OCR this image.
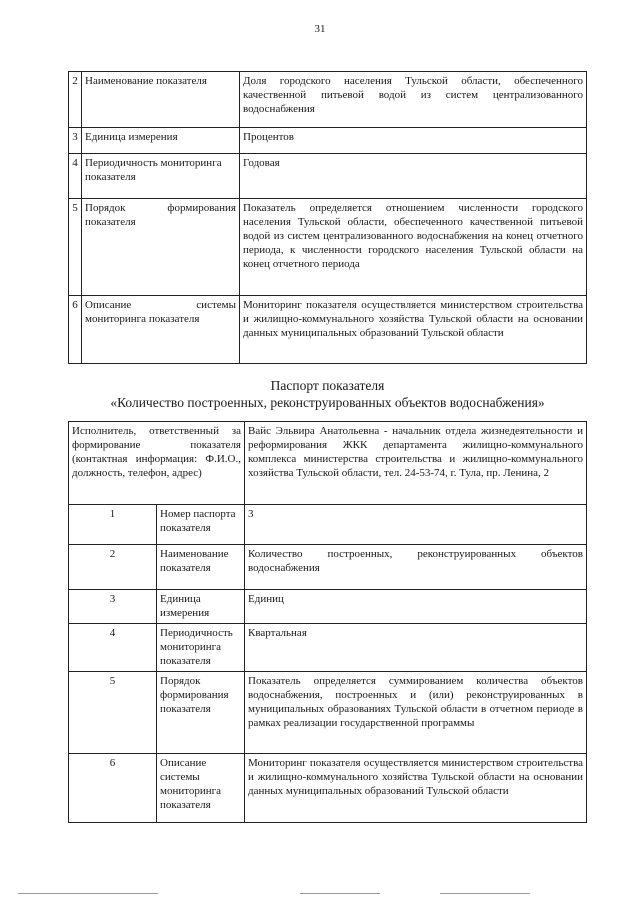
31
2	Наименование показателя	Доля городского населения Тульской области, обеспеченного качественной питьевой водой из систем централизованного водоснабжения
3	Единица измерения	Процентов
4	Периодичность мониторинга показателя	Годовая
5	Порядок формирования показателя	Показатель определяется отношением численности городского населения Тульской области, обеспеченного качественной питьевой водой из систем централизованного водоснабжения на конец отчетного периода, к численности городского населения Тульской области на конец отчетного периода
6	Описание системы мониторинга показателя	Мониторинг показателя осуществляется министерством строительства и жилищно-коммунального хозяйства Тульской области на основании данных муниципальных образований Тульской области
Паспорт показателя
«Количество построенных, реконструированных объектов водоснабжения»
Исполнитель, ответственный за формирование показателя (контактная информация: Ф.И.О., должность, телефон, адрес)		Вайс Эльвира Анатольевна - начальник отдела жизнедеятельности и реформирования ЖКК департамента жилищно-коммунального комплекса министерства строительства и жилищно-коммунального хозяйства Тульской области, тел. 24-53-74, г. Тула, пр. Ленина, 2
1	Номер паспорта показателя	3
2	Наименование показателя	Количество построенных, реконструированных объектов водоснабжения
3	Единица измерения	Единиц
4	Периодичность мониторинга показателя	Квартальная
5	Порядок формирования показателя	Показатель определяется суммированием количества объектов водоснабжения, построенных и (или) реконструированных в муниципальных образованиях Тульской области в отчетном периоде в рамках реализации государственной программы
6	Описание системы мониторинга показателя	Мониторинг показателя осуществляется министерством строительства и жилищно-коммунального хозяйства Тульской области на основании данных муниципальных образований Тульской области
